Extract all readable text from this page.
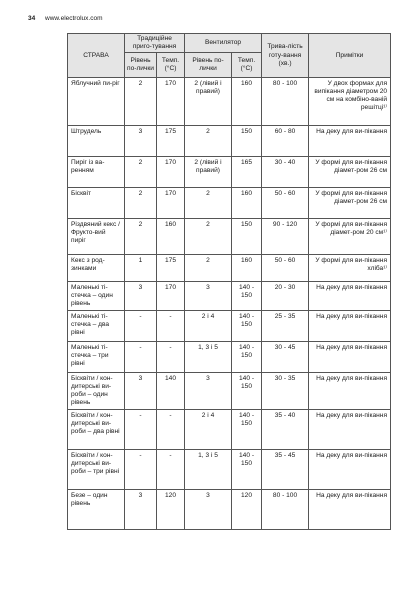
34 www.electrolux.com
СТРАВА	Традиційне приго-тування		Вентилятор		Трива-лість готу-вання (хв.)	Примітки
	Рівень по-лички	Темп. (°C)	Рівень по-лички	Темп. (°C)		
Яблучний пи-ріг	2	170	2 (лівий і правий)	160	80 - 100	У двох формах для випікання діаметром 20 см на комбіно-ваній решітці¹⁾
Штрудель	3	175	2	150	60 - 80	На деку для ви-пікання
Пиріг із ва-ренням	2	170	2 (лівий і правий)	165	30 - 40	У формі для ви-пікання діамет-ром 26 см
Бісквіт	2	170	2	160	50 - 60	У формі для ви-пікання діамет-ром 26 см
Різдвяний кекс / Фрукто-вий пиріг	2	160	2	150	90 - 120	У формі для ви-пікання діамет-ром 20 см¹⁾
Кекс з род-зинками	1	175	2	160	50 - 60	У формі для ви-пікання хліба¹⁾
Маленькі ті-стечка – один рівень	3	170	3	140 - 150	20 - 30	На деку для ви-пікання
Маленькі ті-стечка – два рівні	-	-	2 і 4	140 - 150	25 - 35	На деку для ви-пікання
Маленькі ті-стечка – три рівні	-	-	1, 3 і 5	140 - 150	30 - 45	На деку для ви-пікання
Бісквіти / кон-дитерські ви-роби – один рівень	3	140	3	140 - 150	30 - 35	На деку для ви-пікання
Бісквіти / кон-дитерські ви-роби – два рівні	-	-	2 і 4	140 - 150	35 - 40	На деку для ви-пікання
Бісквіти / кон-дитерські ви-роби – три рівні	-	-	1, 3 і 5	140 - 150	35 - 45	На деку для ви-пікання
Безе – один рівень	3	120	3	120	80 - 100	На деку для ви-пікання
